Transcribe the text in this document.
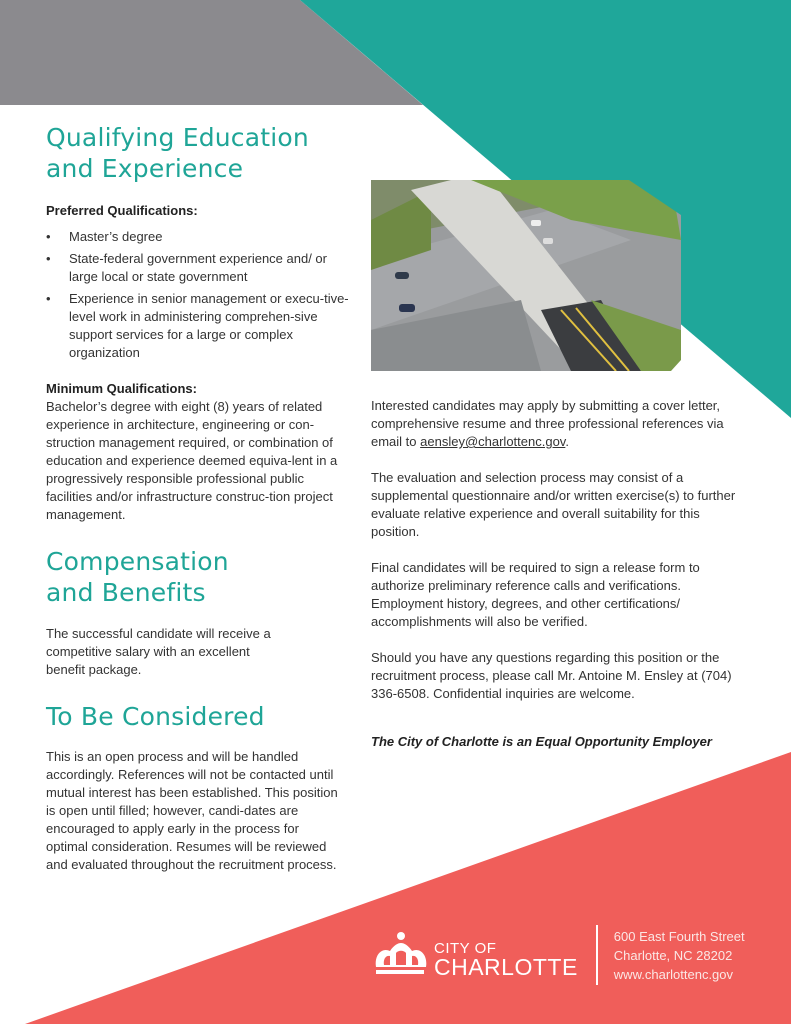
Qualifying Education
and Experience

Preferred Qualifications:

• Master’s degree
• State-federal government experience and/ or large local or state government
• Experience in senior management or execu-tive-level work in administering comprehen-sive support services for a large or complex organization

Minimum Qualifications:

Bachelor’s degree with eight (8) years of related experience in architecture, engineering or con-struction management required, or combination of education and experience deemed equiva-lent in a progressively responsible professional public facilities and/or infrastructure construc-tion project management.

Compensation
and Benefits

The successful candidate will receive a competitive salary with an excellent benefit package.

To Be Considered

This is an open process and will be handled accordingly. References will not be contacted until mutual interest has been established. This position is open until filled; however, candi-dates are encouraged to apply early in the process for optimal consideration. Resumes will be reviewed and evaluated throughout the recruitment process.

Interested candidates may apply by submitting a cover letter, comprehensive resume and three professional references via email to aensley@charlottenc.gov.

The evaluation and selection process may consist of a supplemental questionnaire and/or written exercise(s) to further evaluate relative experience and overall suitability for this position.

Final candidates will be required to sign a release form to authorize preliminary reference calls and verifications. Employment history, degrees, and other certifications/ accomplishments will also be verified.

Should you have any questions regarding this position or the recruitment process, please call Mr. Antoine M. Ensley at (704) 336-6508. Confidential inquiries are welcome.

The City of Charlotte is an Equal Opportunity Employer

CITY OF
CHARLOTTE
600 East Fourth Street
Charlotte, NC 28202
www.charlottenc.gov
